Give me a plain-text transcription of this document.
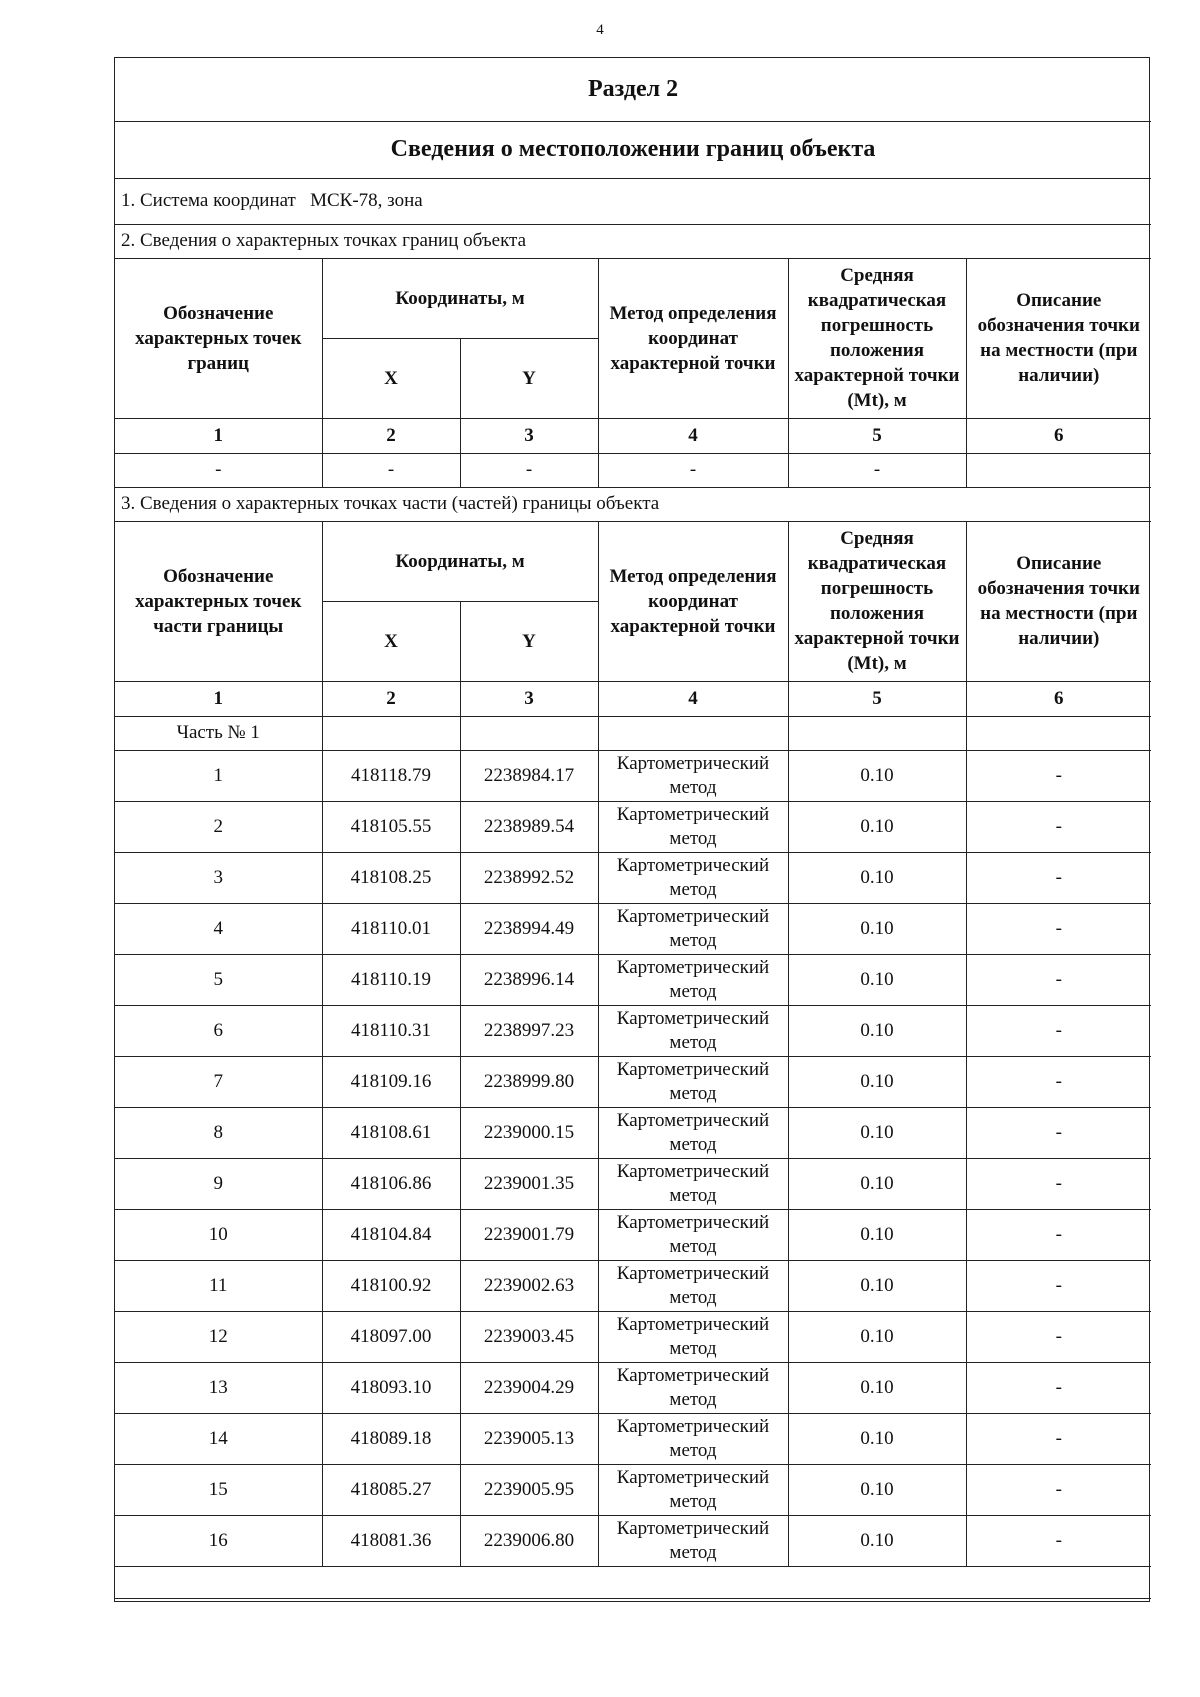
4
Раздел 2					
Сведения о местоположении границ объекта					
1. Система координат МСК-78, зона					
2. Сведения о характерных точках границ объекта					
Обозначение характерных точек границ	Координаты, м		Метод определения координат характерной точки	Средняя квадратическая погрешность положения характерной точки (Mt), м	Описание обозначения точки на местности (при наличии)
	X	Y			
1	2	3	4	5	6
-	-	-	-	-	
3. Сведения о характерных точках части (частей) границы объекта					
Обозначение характерных точек части границы	Координаты, м		Метод определения координат характерной точки	Средняя квадратическая погрешность положения характерной точки (Mt), м	Описание обозначения точки на местности (при наличии)
	X	Y			
1	2	3	4	5	6
Часть № 1					
1	418118.79	2238984.17	Картометрический метод	0.10	-
2	418105.55	2238989.54	Картометрический метод	0.10	-
3	418108.25	2238992.52	Картометрический метод	0.10	-
4	418110.01	2238994.49	Картометрический метод	0.10	-
5	418110.19	2238996.14	Картометрический метод	0.10	-
6	418110.31	2238997.23	Картометрический метод	0.10	-
7	418109.16	2238999.80	Картометрический метод	0.10	-
8	418108.61	2239000.15	Картометрический метод	0.10	-
9	418106.86	2239001.35	Картометрический метод	0.10	-
10	418104.84	2239001.79	Картометрический метод	0.10	-
11	418100.92	2239002.63	Картометрический метод	0.10	-
12	418097.00	2239003.45	Картометрический метод	0.10	-
13	418093.10	2239004.29	Картометрический метод	0.10	-
14	418089.18	2239005.13	Картометрический метод	0.10	-
15	418085.27	2239005.95	Картометрический метод	0.10	-
16	418081.36	2239006.80	Картометрический метод	0.10	-
